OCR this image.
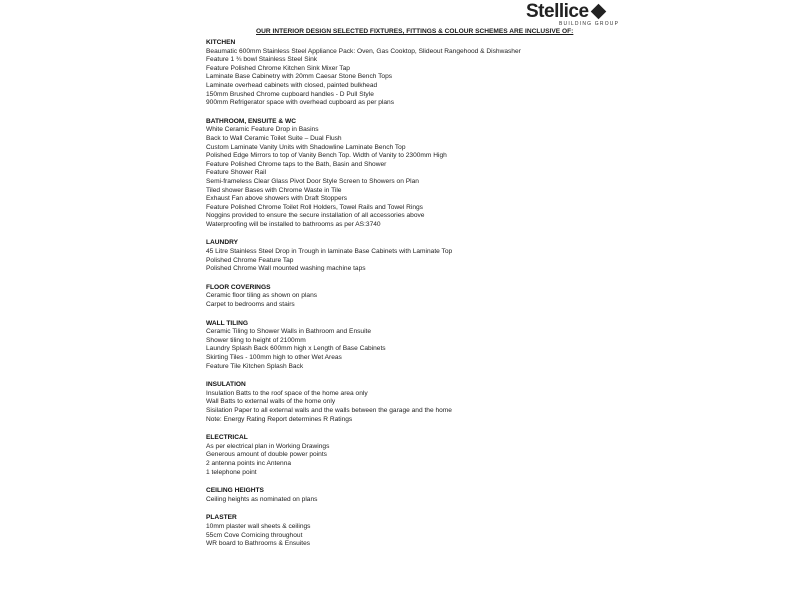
Stellice
BUILDING GROUP
OUR INTERIOR DESIGN SELECTED FIXTURES, FITTINGS & COLOUR SCHEMES ARE INCLUSIVE OF:
KITCHEN
Beaumatic 600mm Stainless Steel Appliance Pack: Oven, Gas Cooktop, Slideout Rangehood & Dishwasher
Feature 1 ¾ bowl Stainless Steel Sink
Feature Polished Chrome Kitchen Sink Mixer Tap
Laminate Base Cabinetry with 20mm Caesar Stone Bench Tops
Laminate overhead cabinets with closed, painted bulkhead
150mm Brushed Chrome cupboard handles - D Pull Style
900mm Refrigerator space with overhead cupboard as per plans
BATHROOM, ENSUITE & WC
White Ceramic Feature Drop in Basins
Back to Wall Ceramic Toilet Suite – Dual Flush
Custom Laminate Vanity Units with Shadowline Laminate Bench Top
Polished Edge Mirrors to top of Vanity Bench Top. Width of Vanity to 2300mm High
Feature Polished Chrome taps to the Bath, Basin and Shower
Feature Shower Rail
Semi-frameless Clear Glass Pivot Door Style Screen to Showers on Plan
Tiled shower Bases with Chrome Waste in Tile
Exhaust Fan above showers with Draft Stoppers
Feature Polished Chrome Toilet Roll Holders, Towel Rails and Towel Rings
Noggins provided to ensure the secure installation of all accessories above
Waterproofing will be installed to bathrooms as per AS:3740
LAUNDRY
45 Litre Stainless Steel Drop in Trough in laminate Base Cabinets with Laminate Top
Polished Chrome Feature Tap
Polished Chrome Wall mounted washing machine taps
FLOOR COVERINGS
Ceramic floor tiling as shown on plans
Carpet to bedrooms and stairs
WALL TILING
Ceramic Tiling to Shower Walls in Bathroom and Ensuite
Shower tiling to height of 2100mm
Laundry Splash Back 600mm high x Length of Base Cabinets
Skirting Tiles - 100mm high to other Wet Areas
Feature Tile Kitchen Splash Back
INSULATION
Insulation Batts to the roof space of the home area only
Wall Batts to external walls of the home only
Sisilation Paper to all external walls and the walls between the garage and the home
Note: Energy Rating Report determines R Ratings
ELECTRICAL
As per electrical plan in Working Drawings
Generous amount of double power points
2 antenna points inc Antenna
1 telephone point
CEILING HEIGHTS
Ceiling heights as nominated on plans
PLASTER
10mm plaster wall sheets & ceilings
55cm Cove Cornicing throughout
WR board to Bathrooms & Ensuites
